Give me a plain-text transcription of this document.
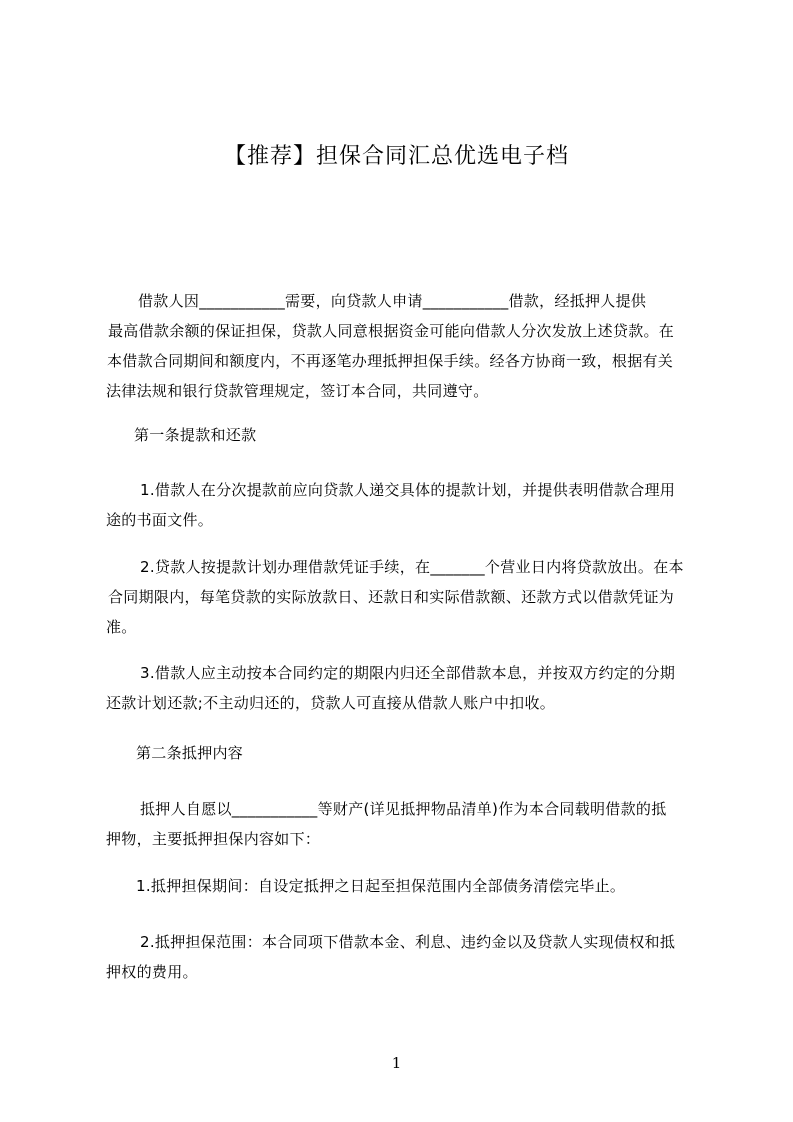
【推荐】担保合同汇总优选电子档
借款人因___________需要，向贷款人申请___________借款，经抵押人提供
最高借款余额的保证担保，贷款人同意根据资金可能向借款人分次发放上述贷款。在
本借款合同期间和额度内，不再逐笔办理抵押担保手续。经各方协商一致，根据有关
法律法规和银行贷款管理规定，签订本合同，共同遵守。
第一条提款和还款
1.借款人在分次提款前应向贷款人递交具体的提款计划，并提供表明借款合理用
途的书面文件。
2.贷款人按提款计划办理借款凭证手续，在_______个营业日内将贷款放出。在本
合同期限内，每笔贷款的实际放款日、还款日和实际借款额、还款方式以借款凭证为
准。
3.借款人应主动按本合同约定的期限内归还全部借款本息，并按双方约定的分期
还款计划还款;不主动归还的，贷款人可直接从借款人账户中扣收。
第二条抵押内容
抵押人自愿以___________等财产(详见抵押物品清单)作为本合同载明借款的抵
押物，主要抵押担保内容如下：
1.抵押担保期间：自设定抵押之日起至担保范围内全部债务清偿完毕止。
2.抵押担保范围：本合同项下借款本金、利息、违约金以及贷款人实现债权和抵
押权的费用。
1
